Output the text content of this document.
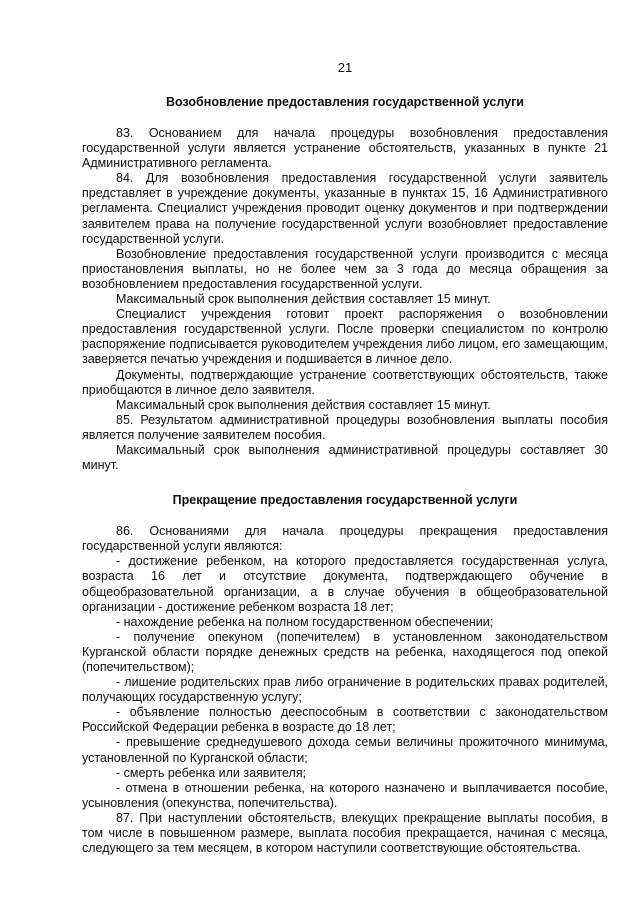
21
Возобновление предоставления государственной услуги

83. Основанием для начала процедуры возобновления предоставления государственной услуги является устранение обстоятельств, указанных в пункте 21 Административного регламента.

84. Для возобновления предоставления государственной услуги заявитель представляет в учреждение документы, указанные в пунктах 15, 16 Административного регламента. Специалист учреждения проводит оценку документов и при подтверждении заявителем права на получение государственной услуги возобновляет предоставление государственной услуги.

Возобновление предоставления государственной услуги производится с месяца приостановления выплаты, но не более чем за 3 года до месяца обращения за возобновлением предоставления государственной услуги.

Максимальный срок выполнения действия составляет 15 минут.

Специалист учреждения готовит проект распоряжения о возобновлении предоставления государственной услуги. После проверки специалистом по контролю распоряжение подписывается руководителем учреждения либо лицом, его замещающим, заверяется печатью учреждения и подшивается в личное дело.

Документы, подтверждающие устранение соответствующих обстоятельств, также приобщаются в личное дело заявителя.

Максимальный срок выполнения действия составляет 15 минут.

85. Результатом административной процедуры возобновления выплаты пособия является получение заявителем пособия.

Максимальный срок выполнения административной процедуры составляет 30 минут.

Прекращение предоставления государственной услуги

86. Основаниями для начала процедуры прекращения предоставления государственной услуги являются:

- достижение ребенком, на которого предоставляется государственная услуга, возраста 16 лет и отсутствие документа, подтверждающего обучение в общеобразовательной организации, а в случае обучения в общеобразовательной организации - достижение ребенком возраста 18 лет;

- нахождение ребенка на полном государственном обеспечении;

- получение опекуном (попечителем) в установленном законодательством Курганской области порядке денежных средств на ребенка, находящегося под опекой (попечительством);

- лишение родительских прав либо ограничение в родительских правах родителей, получающих государственную услугу;

- объявление полностью дееспособным в соответствии с законодательством Российской Федерации ребенка в возрасте до 18 лет;

- превышение среднедушевого дохода семьи величины прожиточного минимума, установленной по Курганской области;

- смерть ребенка или заявителя;

- отмена в отношении ребенка, на которого назначено и выплачивается пособие, усыновления (опекунства, попечительства).

87. При наступлении обстоятельств, влекущих прекращение выплаты пособия, в том числе в повышенном размере, выплата пособия прекращается, начиная с месяца, следующего за тем месяцем, в котором наступили соответствующие обстоятельства.
